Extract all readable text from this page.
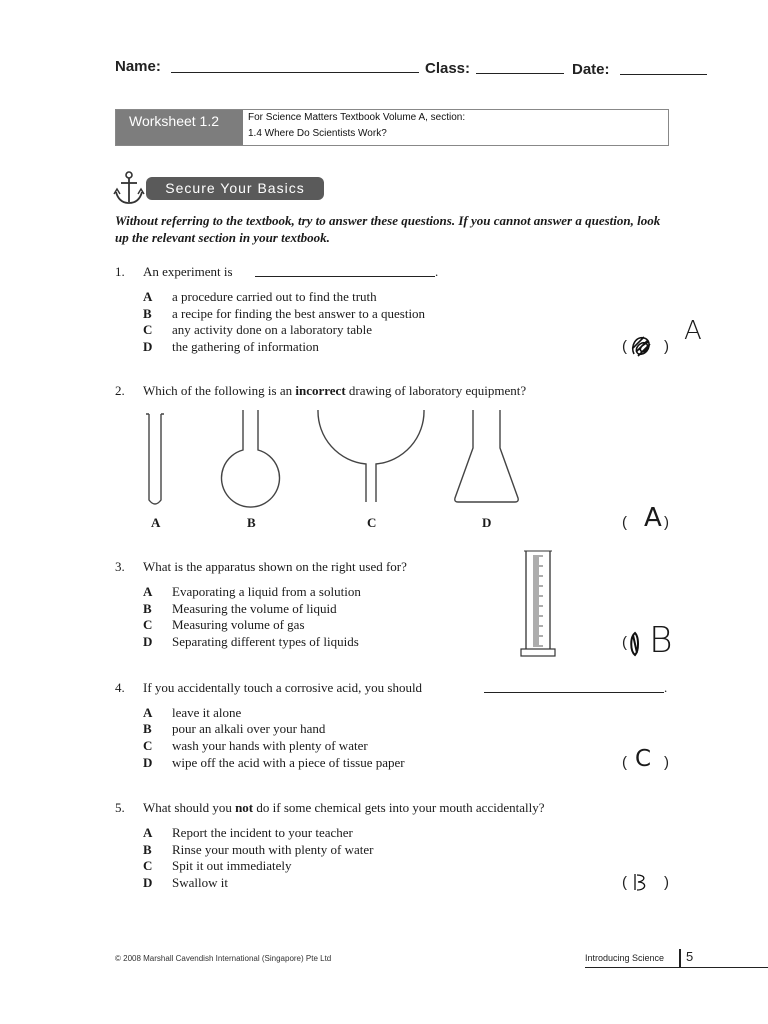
Name:	Class:	Date:
Worksheet 1.2	For Science Matters Textbook Volume A, section:
1.4 Where Do Scientists Work?
Secure Your Basics
Without referring to the textbook, try to answer these questions. If you cannot answer a question, look up the relevant section in your textbook.
1. An experiment is	.
A a procedure carried out to find the truth
B a recipe for finding the best answer to a question
C any activity done on a laboratory table
D the gathering of information	( )
A
2. Which of the following is an incorrect drawing of laboratory equipment?
A	B	C	D	( A )
3. What is the apparatus shown on the right used for?
A Evaporating a liquid from a solution
B Measuring the volume of liquid
C Measuring volume of gas
D Separating different types of liquids	( B
4. If you accidentally touch a corrosive acid, you should	.
A leave it alone
B pour an alkali over your hand
C wash your hands with plenty of water
D wipe off the acid with a piece of tissue paper	( C )
5. What should you not do if some chemical gets into your mouth accidentally?
A Report the incident to your teacher
B Rinse your mouth with plenty of water
C Spit it out immediately
D Swallow it	( )
© 2008 Marshall Cavendish International (Singapore) Pte Ltd	Introducing Science 5
